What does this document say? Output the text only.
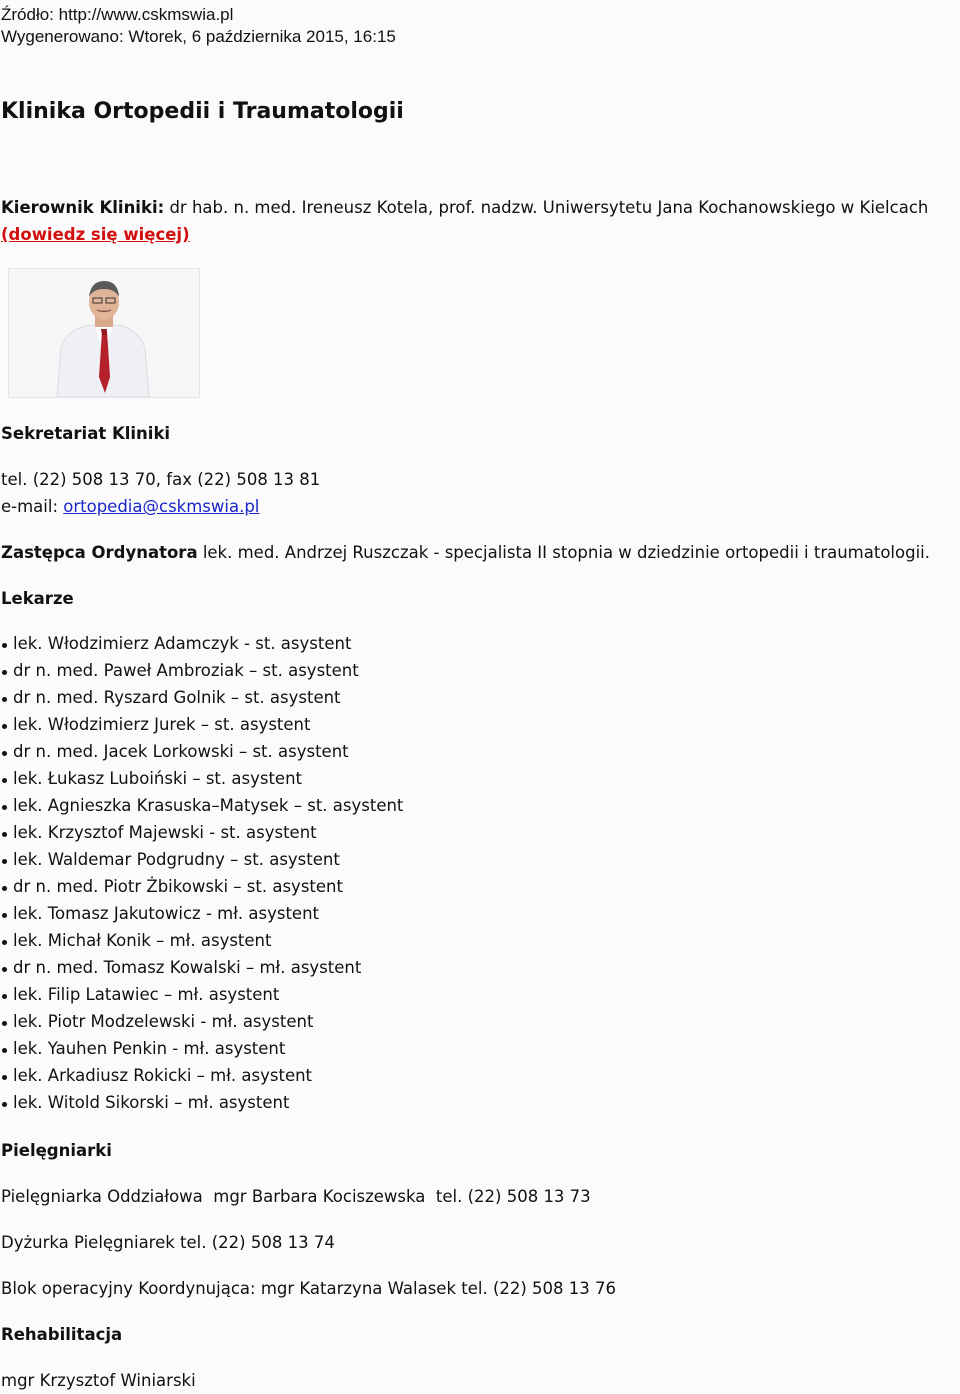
Źródło: http://www.cskmswia.pl
Wygenerowano: Wtorek, 6 października 2015, 16:15
Klinika Ortopedii i Traumatologii
Kierownik Kliniki: dr hab. n. med. Ireneusz Kotela, prof. nadzw. Uniwersytetu Jana Kochanowskiego w Kielcach (dowiedz się więcej)
Sekretariat Kliniki
tel. (22) 508 13 70, fax (22) 508 13 81
e-mail: ortopedia@cskmswia.pl
Zastępca Ordynatora lek. med. Andrzej Ruszczak - specjalista II stopnia w dziedzinie ortopedii i traumatologii.
Lekarze
lek. Włodzimierz Adamczyk - st. asystent
dr n. med. Paweł Ambroziak – st. asystent
dr n. med. Ryszard Golnik – st. asystent
lek. Włodzimierz Jurek – st. asystent
dr n. med. Jacek Lorkowski – st. asystent
lek. Łukasz Luboiński – st. asystent
lek. Agnieszka Krasuska–Matysek – st. asystent
lek. Krzysztof Majewski - st. asystent
lek. Waldemar Podgrudny – st. asystent
dr n. med. Piotr Żbikowski – st. asystent
lek. Tomasz Jakutowicz - mł. asystent
lek. Michał Konik – mł. asystent
dr n. med. Tomasz Kowalski – mł. asystent
lek. Filip Latawiec – mł. asystent
lek. Piotr Modzelewski - mł. asystent
lek. Yauhen Penkin - mł. asystent
lek. Arkadiusz Rokicki – mł. asystent
lek. Witold Sikorski – mł. asystent
Pielęgniarki
Pielęgniarka Oddziałowa  mgr Barbara Kociszewska  tel. (22) 508 13 73
Dyżurka Pielęgniarek tel. (22) 508 13 74
Blok operacyjny Koordynująca: mgr Katarzyna Walasek tel. (22) 508 13 76
Rehabilitacja
mgr Krzysztof Winiarski
